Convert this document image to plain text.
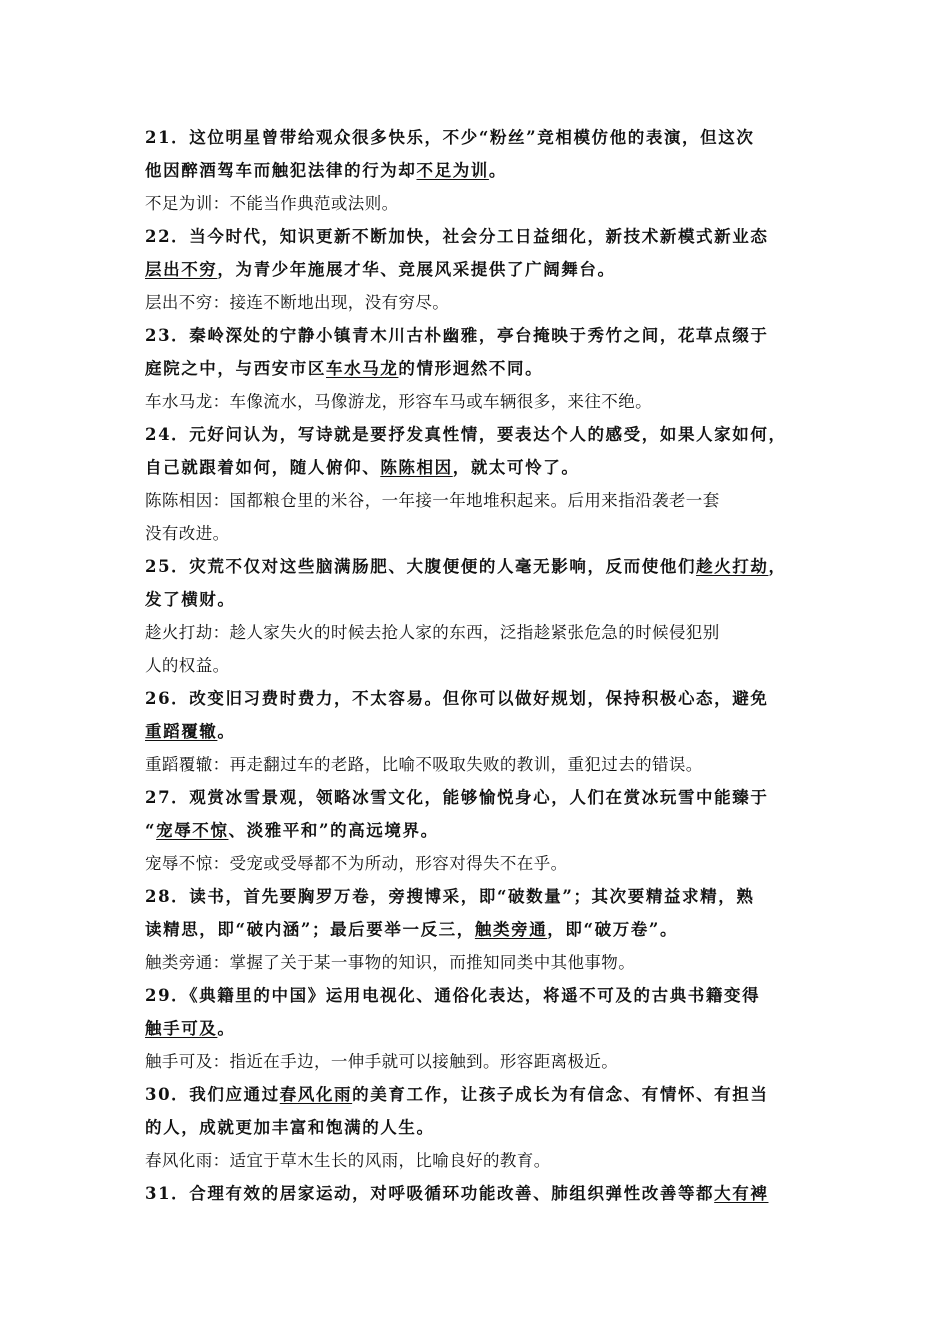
21．这位明星曾带给观众很多快乐，不少“粉丝”竞相模仿他的表演，但这次
他因醉酒驾车而触犯法律的行为却不足为训。
不足为训：不能当作典范或法则。
22．当今时代，知识更新不断加快，社会分工日益细化，新技术新模式新业态
层出不穷，为青少年施展才华、竞展风采提供了广阔舞台。
层出不穷：接连不断地出现，没有穷尽。
23．秦岭深处的宁静小镇青木川古朴幽雅，亭台掩映于秀竹之间，花草点缀于
庭院之中，与西安市区车水马龙的情形迥然不同。
车水马龙：车像流水，马像游龙，形容车马或车辆很多，来往不绝。
24．元好问认为，写诗就是要抒发真性情，要表达个人的感受，如果人家如何，
自己就跟着如何，随人俯仰、陈陈相因，就太可怜了。
陈陈相因：国都粮仓里的米谷，一年接一年地堆积起来。后用来指沿袭老一套
没有改进。
25．灾荒不仅对这些脑满肠肥、大腹便便的人毫无影响，反而使他们趁火打劫，
发了横财。
趁火打劫：趁人家失火的时候去抢人家的东西，泛指趁紧张危急的时候侵犯别
人的权益。
26．改变旧习费时费力，不太容易。但你可以做好规划，保持积极心态，避免
重蹈覆辙。
重蹈覆辙：再走翻过车的老路，比喻不吸取失败的教训，重犯过去的错误。
27．观赏冰雪景观，领略冰雪文化，能够愉悦身心，人们在赏冰玩雪中能臻于
“宠辱不惊、淡雅平和”的高远境界。
宠辱不惊：受宠或受辱都不为所动，形容对得失不在乎。
28．读书，首先要胸罗万卷，旁搜博采，即“破数量”；其次要精益求精，熟
读精思，即“破内涵”；最后要举一反三，触类旁通，即“破万卷”。
触类旁通：掌握了关于某一事物的知识，而推知同类中其他事物。
29．《典籍里的中国》运用电视化、通俗化表达，将遥不可及的古典书籍变得
触手可及。
触手可及：指近在手边，一伸手就可以接触到。形容距离极近。
30．我们应通过春风化雨的美育工作，让孩子成长为有信念、有情怀、有担当
的人，成就更加丰富和饱满的人生。
春风化雨：适宜于草木生长的风雨，比喻良好的教育。
31．合理有效的居家运动，对呼吸循环功能改善、肺组织弹性改善等都大有裨
